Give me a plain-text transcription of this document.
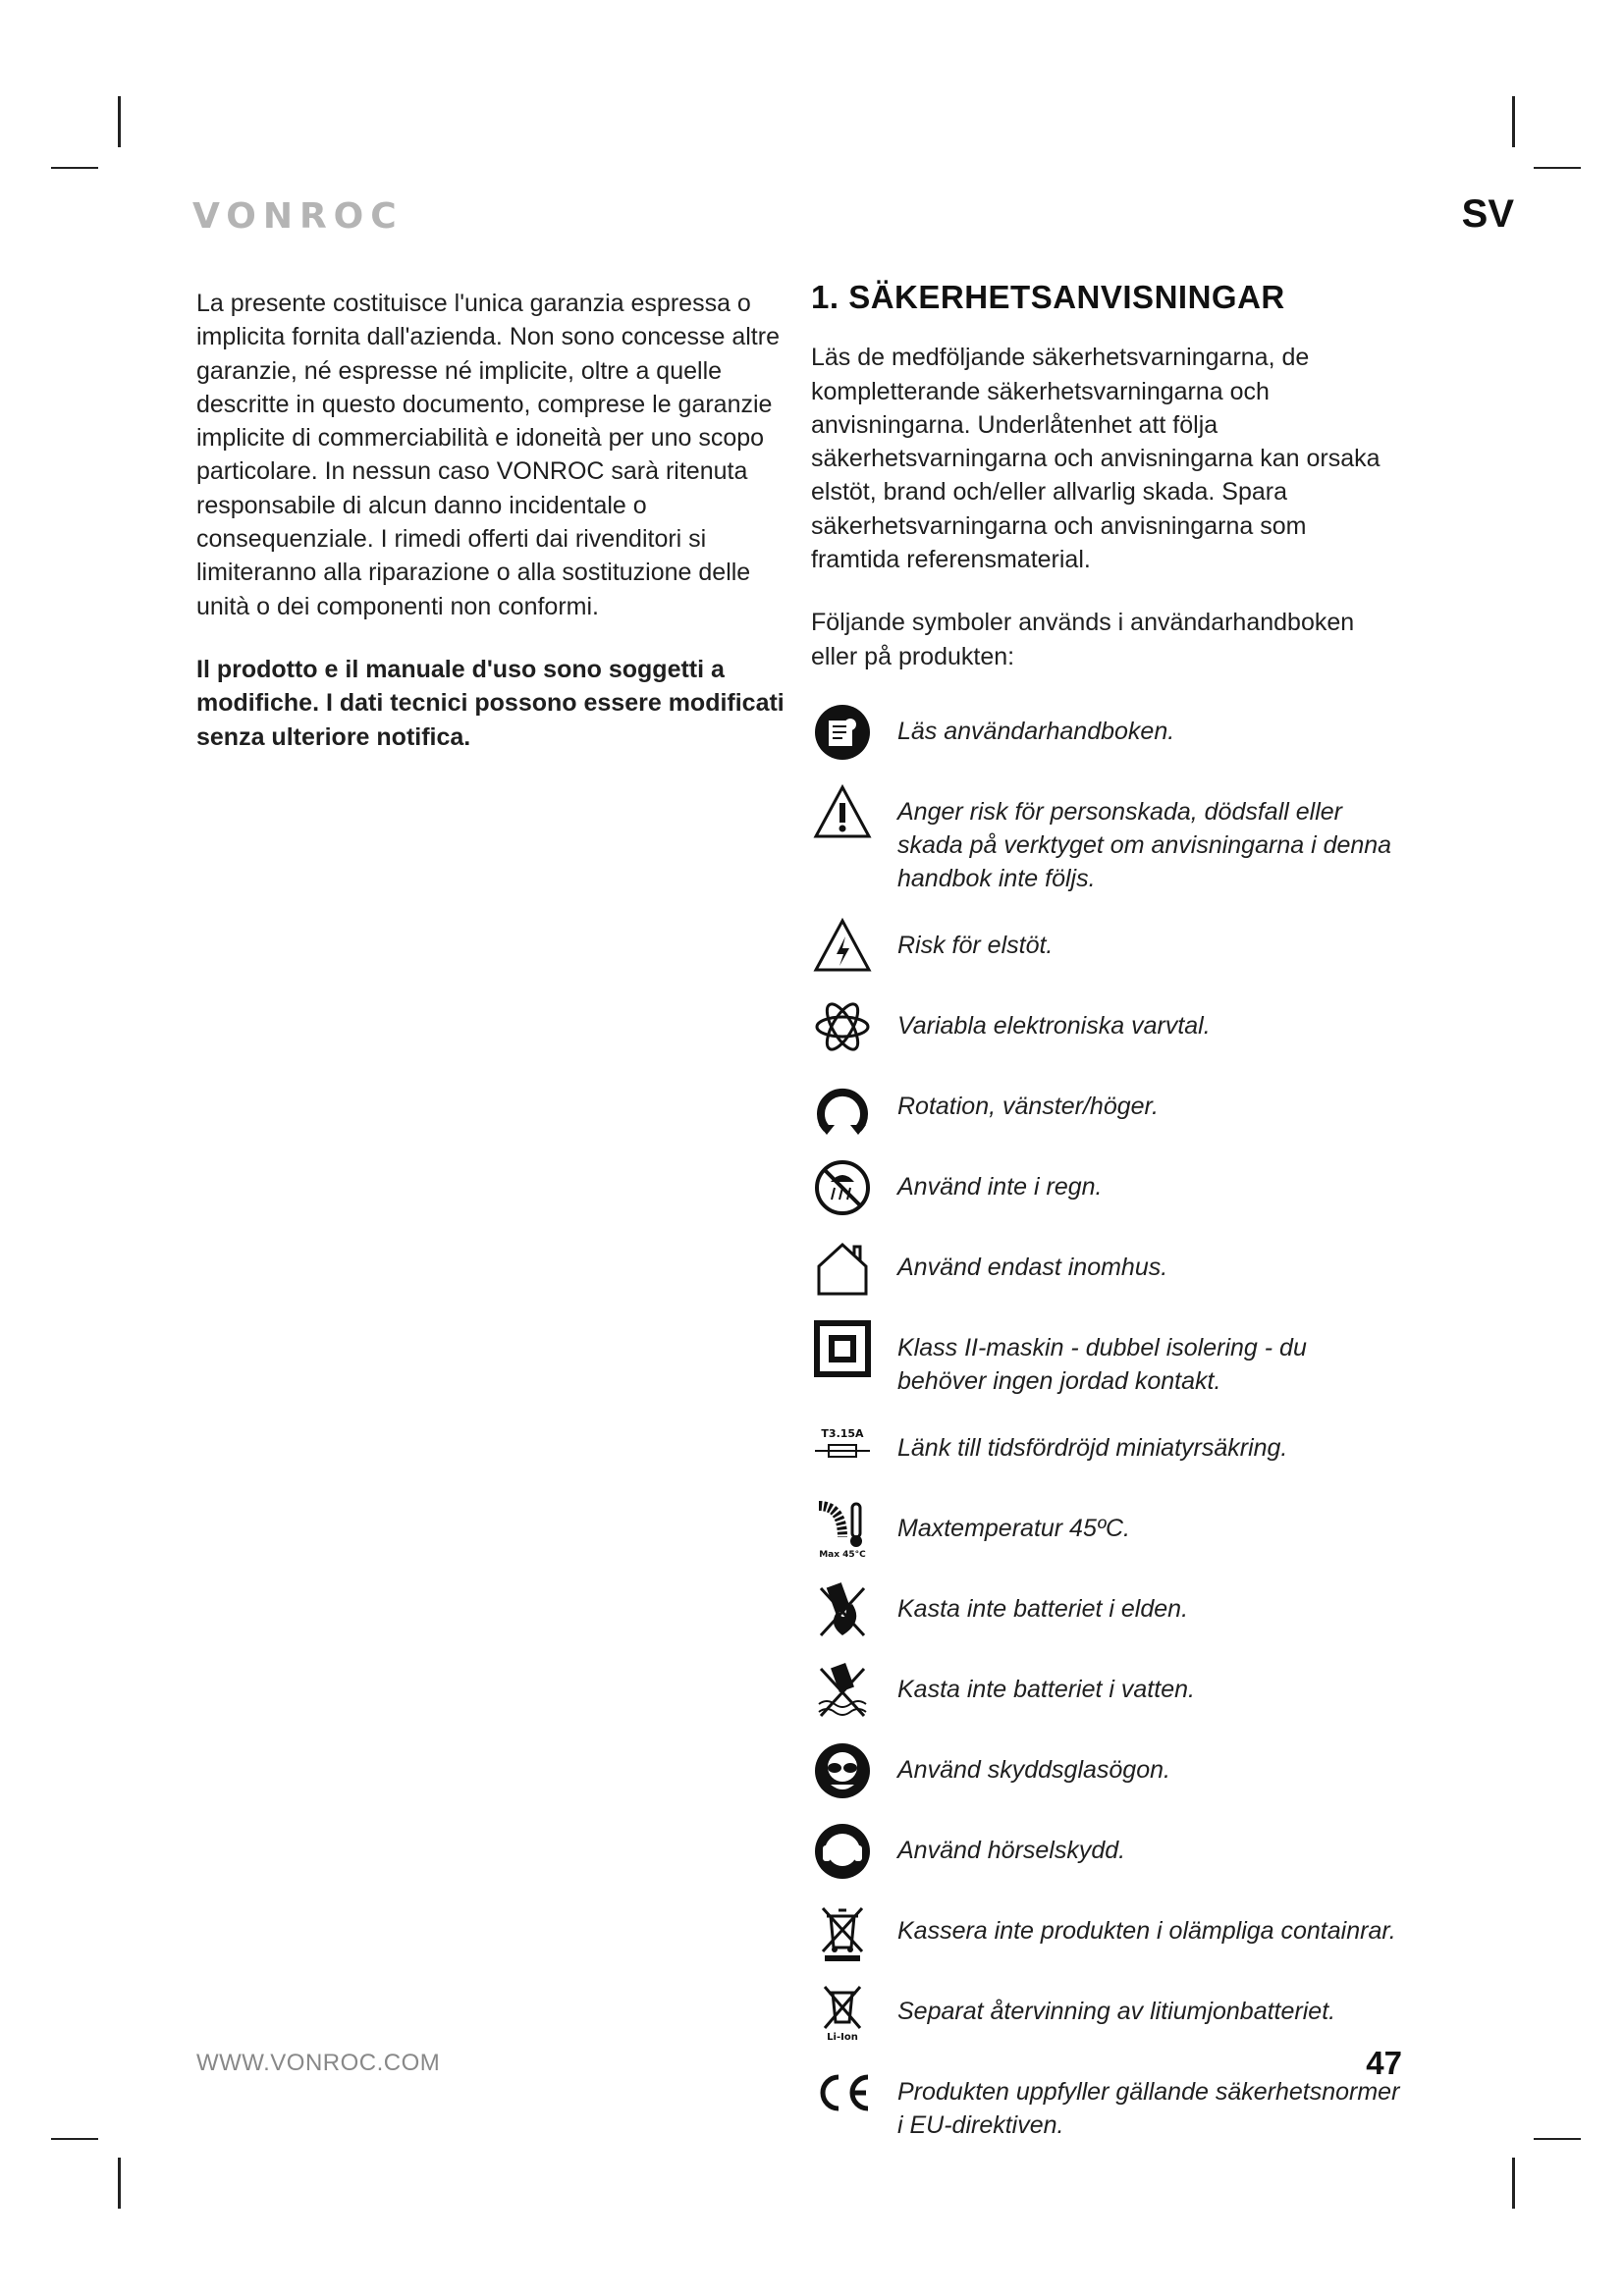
VONROC	SV

La presente costituisce l'unica garanzia espressa o implicita fornita dall'azienda. Non sono concesse altre garanzie, né espresse né implicite, oltre a quelle descritte in questo documento, comprese le garanzie implicite di commerciabilità e idoneità per uno scopo particolare. In nessun caso VONROC sarà ritenuta responsabile di alcun danno incidentale o consequenziale. I rimedi offerti dai rivenditori si limiteranno alla riparazione o alla sostituzione delle unità o dei componenti non conformi.

Il prodotto e il manuale d'uso sono soggetti a modifiche. I dati tecnici possono essere modificati senza ulteriore notifica.

1. SÄKERHETSANVISNINGAR

Läs de medföljande säkerhetsvarningarna, de kompletterande säkerhetsvarningarna och anvisningarna. Underlåtenhet att följa säkerhetsvarningarna och anvisningarna kan orsaka elstöt, brand och/eller allvarlig skada. Spara säkerhetsvarningarna och anvisningarna som framtida referensmaterial.

Följande symboler används i användarhandboken eller på produkten:

Läs användarhandboken.
Anger risk för personskada, dödsfall eller skada på verktyget om anvisningarna i denna handbok inte följs.
Risk för elstöt.
Variabla elektroniska varvtal.
Rotation, vänster/höger.
Använd inte i regn.
Använd endast inomhus.
Klass II-maskin - dubbel isolering - du behöver ingen jordad kontakt.
T3.15A
Länk till tidsfördröjd miniatyrsäkring.
Max 45°C
Maxtemperatur 45ºC.
Kasta inte batteriet i elden.
Kasta inte batteriet i vatten.
Använd skyddsglasögon.
Använd hörselskydd.
Kassera inte produkten i olämpliga containrar.
Li-Ion
Separat återvinning av litiumjonbatteriet.
Produkten uppfyller gällande säkerhetsnormer i EU-direktiven.
WWW.VONROC.COM	47
